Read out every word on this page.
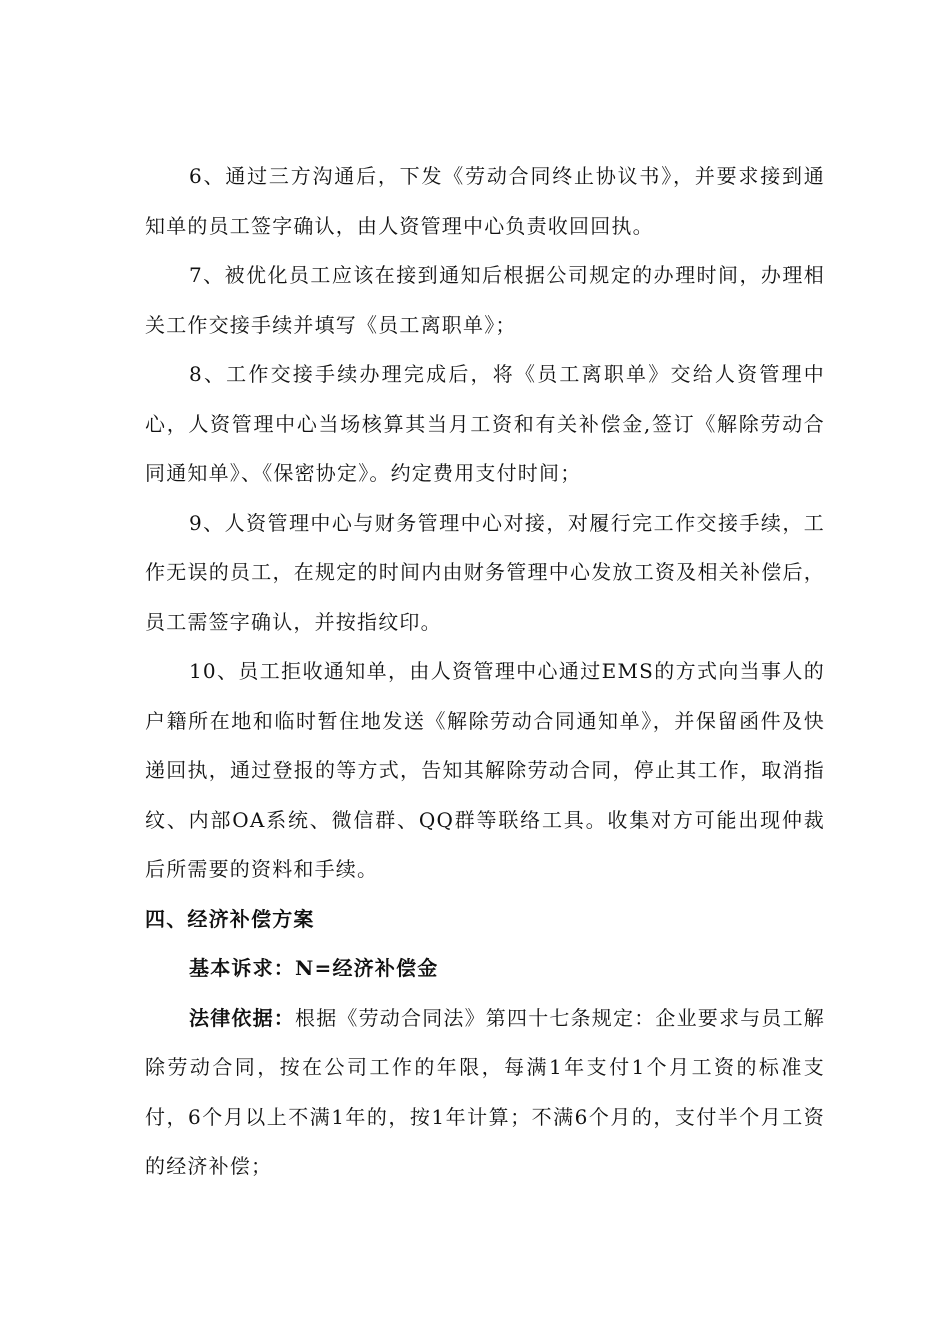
6、通过三方沟通后，下发《劳动合同终止协议书》，并要求接到通知单的员工签字确认，由人资管理中心负责收回回执。

7、被优化员工应该在接到通知后根据公司规定的办理时间，办理相关工作交接手续并填写《员工离职单》；

8、工作交接手续办理完成后，将《员工离职单》交给人资管理中心，人资管理中心当场核算其当月工资和有关补偿金,签订《解除劳动合同通知单》、《保密协定》。约定费用支付时间；

9、人资管理中心与财务管理中心对接，对履行完工作交接手续，工作无误的员工，在规定的时间内由财务管理中心发放工资及相关补偿后，员工需签字确认，并按指纹印。

10、员工拒收通知单，由人资管理中心通过EMS的方式向当事人的户籍所在地和临时暂住地发送《解除劳动合同通知单》，并保留函件及快递回执，通过登报的等方式，告知其解除劳动合同，停止其工作，取消指纹、内部OA系统、微信群、QQ群等联络工具。收集对方可能出现仲裁后所需要的资料和手续。

四、经济补偿方案

基本诉求：N=经济补偿金

法律依据：根据《劳动合同法》第四十七条规定：企业要求与员工解除劳动合同，按在公司工作的年限，每满1年支付1个月工资的标准支付，6个月以上不满1年的，按1年计算；不满6个月的，支付半个月工资的经济补偿；
